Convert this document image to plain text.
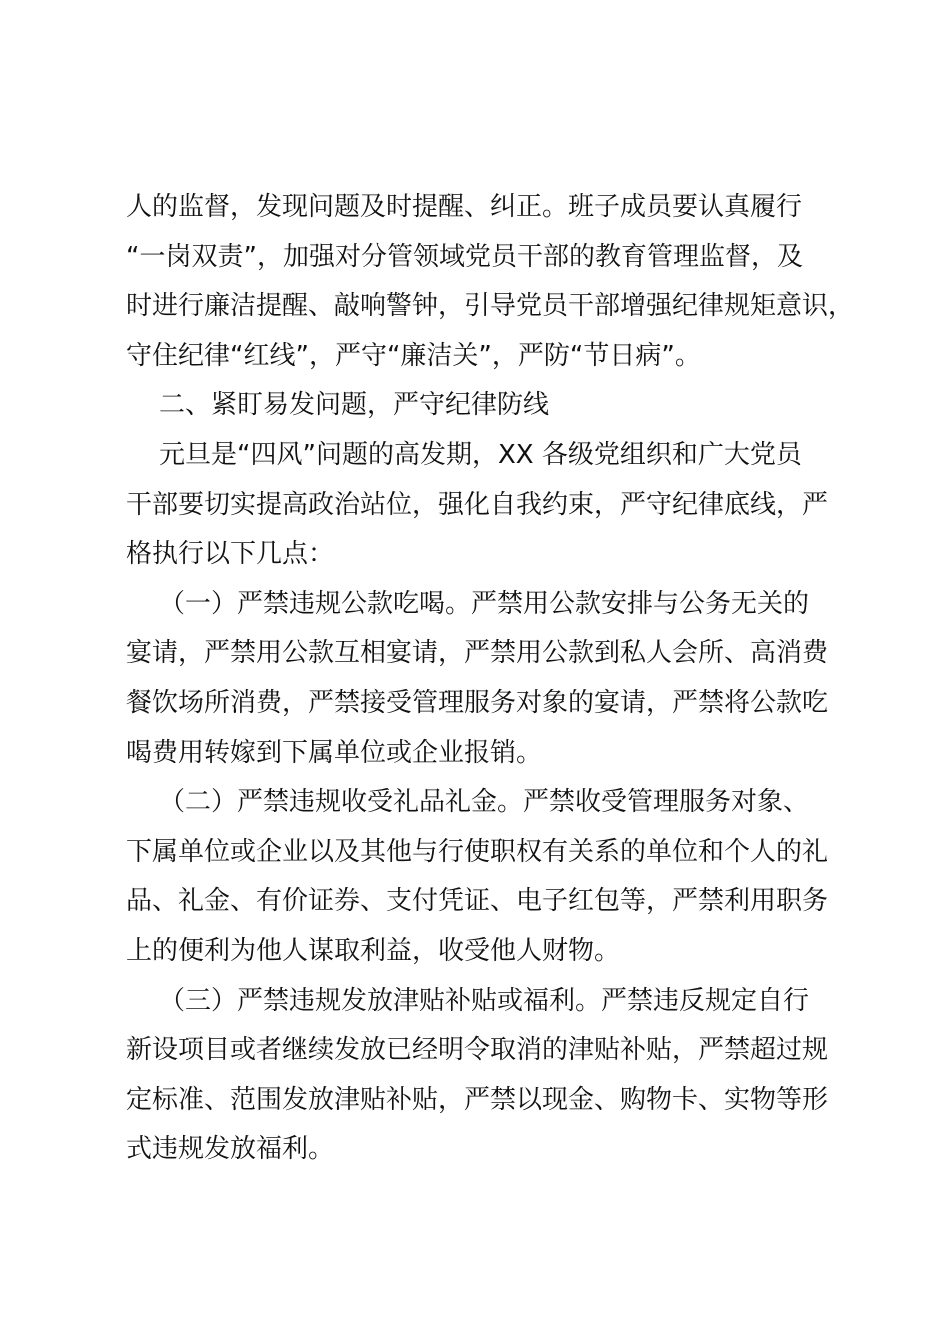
人的监督，发现问题及时提醒、纠正。班子成员要认真履行
“一岗双责”，加强对分管领域党员干部的教育管理监督，及
时进行廉洁提醒、敲响警钟，引导党员干部增强纪律规矩意识，
守住纪律“红线”，严守“廉洁关”，严防“节日病”。
二、紧盯易发问题，严守纪律防线
元旦是“四风”问题的高发期，XX 各级党组织和广大党员
干部要切实提高政治站位，强化自我约束，严守纪律底线，严
格执行以下几点：
（一）严禁违规公款吃喝。严禁用公款安排与公务无关的
宴请，严禁用公款互相宴请，严禁用公款到私人会所、高消费
餐饮场所消费，严禁接受管理服务对象的宴请，严禁将公款吃
喝费用转嫁到下属单位或企业报销。
（二）严禁违规收受礼品礼金。严禁收受管理服务对象、
下属单位或企业以及其他与行使职权有关系的单位和个人的礼
品、礼金、有价证券、支付凭证、电子红包等，严禁利用职务
上的便利为他人谋取利益，收受他人财物。
（三）严禁违规发放津贴补贴或福利。严禁违反规定自行
新设项目或者继续发放已经明令取消的津贴补贴，严禁超过规
定标准、范围发放津贴补贴，严禁以现金、购物卡、实物等形
式违规发放福利。
